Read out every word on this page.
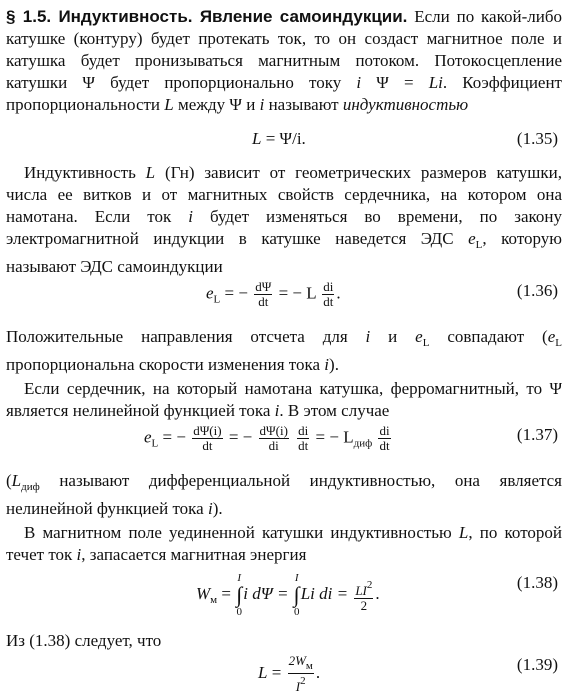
§ 1.5. Индуктивность. Явление самоиндукции. Если по какой-либо катушке (контуру) будет протекать ток, то он создаст магнитное поле и катушка будет пронизываться магнитным потоком. Потокосцепление катушки Ψ будет пропорционально току i Ψ = Li. Коэффициент пропорциональности L между Ψ и i называют индуктивностью

L = Ψ/i.	(1.35)

Индуктивность L (Гн) зависит от геометрических размеров катушки, числа ее витков и от магнитных свойств сердечника, на котором она намотана. Если ток i будет изменяться во времени, по закону электромагнитной индукции в катушке наведется ЭДС $e_L$, которую называют ЭДС самоиндукции

$e_L$ = − $\frac{d\Psi}{dt}$ = − L $\frac{di}{dt}$ .	(1.36)

Положительные направления отсчета для i и $e_L$ совпадают ($e_L$ пропорциональна скорости изменения тока i).

Если сердечник, на который намотана катушка, ферромагнитный, то Ψ является нелинейной функцией тока i. В этом случае

$e_L$ = − $\frac{d\Psi(i)}{dt}$ = − $\frac{d\Psi(i)}{di}$
$\frac{di}{dt}$ = − $L_{диф} \frac{di}{dt}$	(1.37)

($L_{диф}$ называют дифференциальной индуктивностью, она является нелинейной функцией тока i).

В магнитном поле уединенной катушки индуктивностью L, по которой течет ток i, запасается магнитная энергия

$W_м = I$
∫
0i dΨ = I
∫
0Li di = $\frac{LI^2}{2}$ .
(1.38)

Из (1.38) следует, что

$L = \frac{2W_м}{I^2}$ .	(1.39)
